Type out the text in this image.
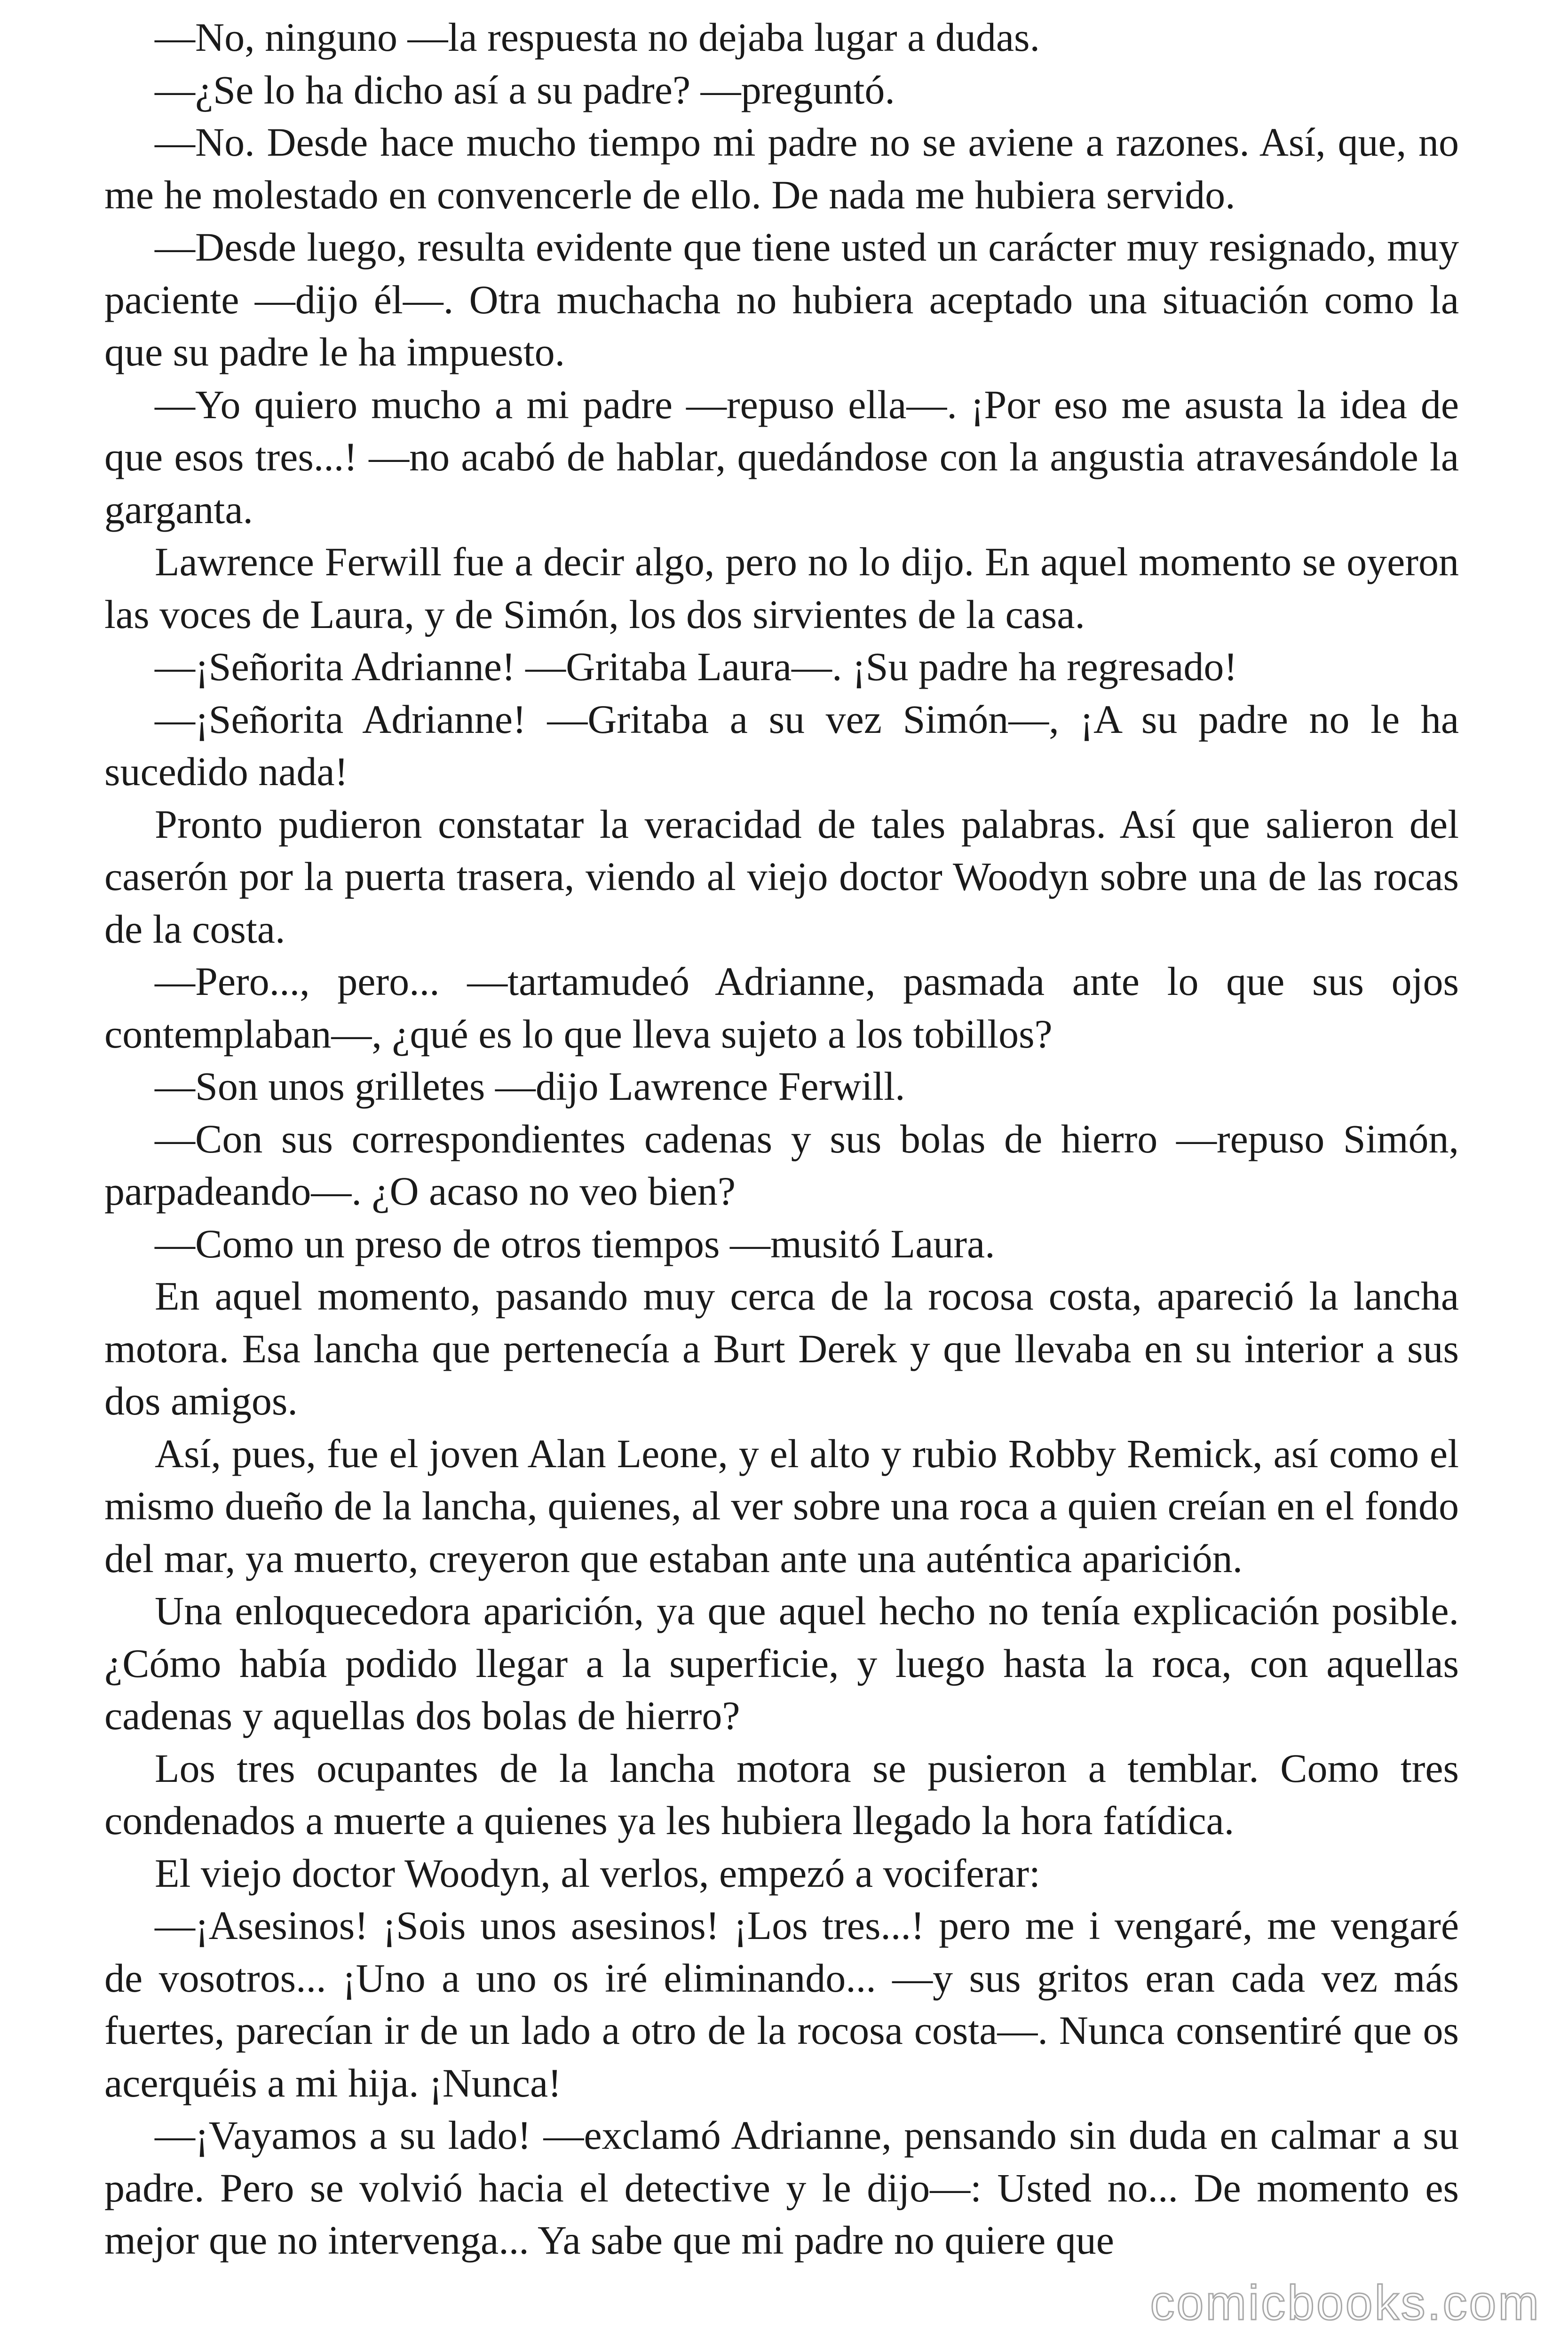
—No, ninguno —la respuesta no dejaba lugar a dudas.

—¿Se lo ha dicho así a su padre? —preguntó.

—No. Desde hace mucho tiempo mi padre no se aviene a razones. Así, que, no me he molestado en convencerle de ello. De nada me hubiera servido.

—Desde luego, resulta evidente que tiene usted un carácter muy resignado, muy paciente —dijo él—. Otra muchacha no hubiera aceptado una situación como la que su padre le ha impuesto.

—Yo quiero mucho a mi padre —repuso ella—. ¡Por eso me asusta la idea de que esos tres...! —no acabó de hablar, quedándose con la angustia atravesándole la garganta.

Lawrence Ferwill fue a decir algo, pero no lo dijo. En aquel momento se oyeron las voces de Laura, y de Simón, los dos sirvientes de la casa.

—¡Señorita Adrianne! —Gritaba Laura—. ¡Su padre ha regresado!

—¡Señorita Adrianne! —Gritaba a su vez Simón—, ¡A su padre no le ha sucedido nada!

Pronto pudieron constatar la veracidad de tales palabras. Así que salieron del caserón por la puerta trasera, viendo al viejo doctor Woodyn sobre una de las rocas de la costa.

—Pero..., pero... —tartamudeó Adrianne, pasmada ante lo que sus ojos contemplaban—, ¿qué es lo que lleva sujeto a los tobillos?

—Son unos grilletes —dijo Lawrence Ferwill.

—Con sus correspondientes cadenas y sus bolas de hierro —repuso Simón, parpadeando—. ¿O acaso no veo bien?

—Como un preso de otros tiempos —musitó Laura.

En aquel momento, pasando muy cerca de la rocosa costa, apareció la lancha motora. Esa lancha que pertenecía a Burt Derek y que llevaba en su interior a sus dos amigos.

Así, pues, fue el joven Alan Leone, y el alto y rubio Robby Remick, así como el mismo dueño de la lancha, quienes, al ver sobre una roca a quien creían en el fondo del mar, ya muerto, creyeron que estaban ante una auténtica aparición.

Una enloquecedora aparición, ya que aquel hecho no tenía explicación posible. ¿Cómo había podido llegar a la superficie, y luego hasta la roca, con aquellas cadenas y aquellas dos bolas de hierro?

Los tres ocupantes de la lancha motora se pusieron a temblar. Como tres condenados a muerte a quienes ya les hubiera llegado la hora fatídica.

El viejo doctor Woodyn, al verlos, empezó a vociferar:

—¡Asesinos! ¡Sois unos asesinos! ¡Los tres...! pero me i vengaré, me vengaré de vosotros... ¡Uno a uno os iré eliminando... —y sus gritos eran cada vez más fuertes, parecían ir de un lado a otro de la rocosa costa—. Nunca consentiré que os acerquéis a mi hija. ¡Nunca!

—¡Vayamos a su lado! —exclamó Adrianne, pensando sin duda en calmar a su padre. Pero se volvió hacia el detective y le dijo—: Usted no... De momento es mejor que no intervenga... Ya sabe que mi padre no quiere que

comicbooks.com
